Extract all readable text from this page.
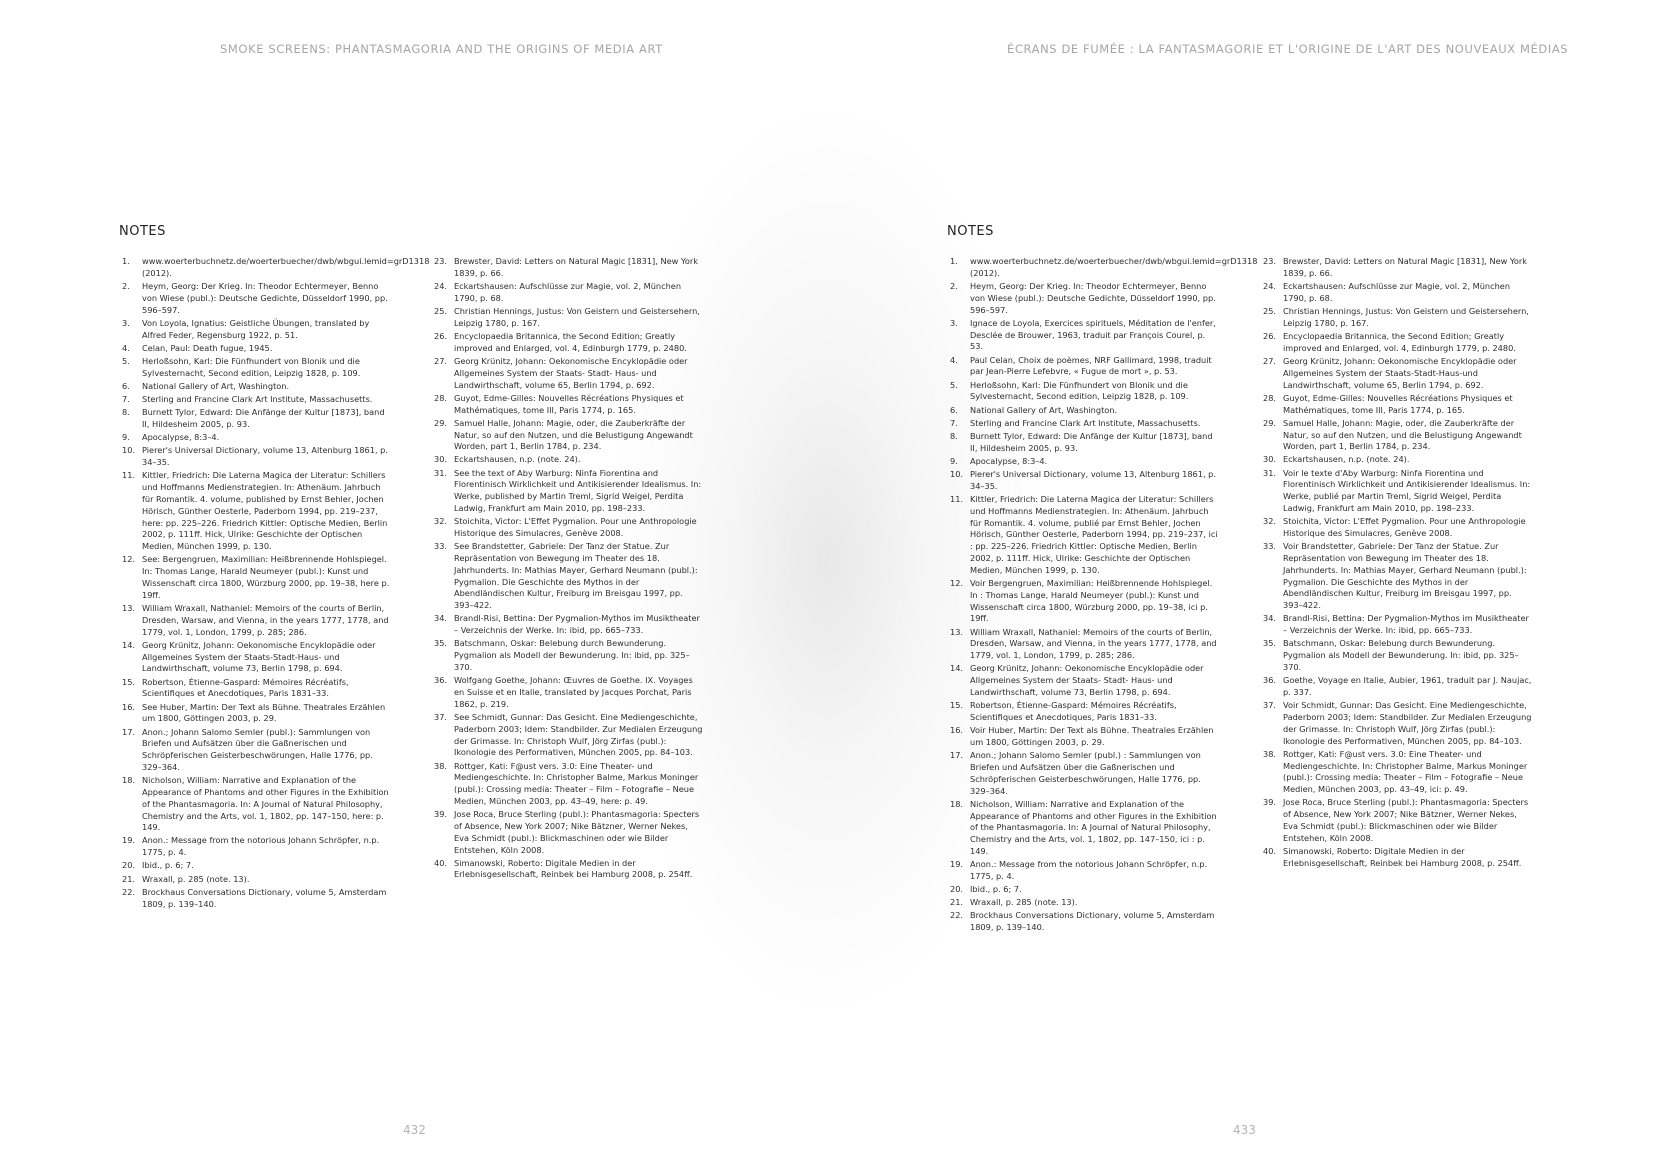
SMOKE SCREENS: PHANTASMAGORIA AND THE ORIGINS OF MEDIA ART
NOTES
1.	www.woerterbuchnetz.de/woerterbuecher/dwb/wbgui.lemid=grD1318 (2012).
2.	Heym, Georg: Der Krieg. In: Theodor Echtermeyer, Benno von Wiese (publ.): Deutsche Gedichte, Düsseldorf 1990, pp. 596–597.
3.	Von Loyola, Ignatius: Geistliche Übungen, translated by Alfred Feder, Regensburg 1922, p. 51.
4.	Celan, Paul: Death fugue, 1945.
5.	Herloßsohn, Karl: Die Fünfhundert von Blonik und die Sylvesternacht, Second edition, Leipzig 1828, p. 109.
6.	National Gallery of Art, Washington.
7.	Sterling and Francine Clark Art Institute, Massachusetts.
8.	Burnett Tylor, Edward: Die Anfänge der Kultur [1873], band II, Hildesheim 2005, p. 93.
9.	Apocalypse, 8:3–4.
10. Pierer's Universal Dictionary, volume 13, Altenburg 1861, p. 34–35.
11. Kittler, Friedrich: Die Laterna Magica der Literatur: Schillers und Hoffmanns Medienstrategien. In: Athenäum. Jahrbuch für Romantik. 4. volume, published by Ernst Behler, Jochen Hörisch, Günther Oesterle, Paderborn 1994, pp. 219–237, here: pp. 225–226. Friedrich Kittler: Optische Medien, Berlin 2002, p. 111ff. Hick, Ulrike: Geschichte der Optischen Medien, München 1999, p. 130.
12. See: Bergengruen, Maximilian: Heißbrennende Hohlspiegel. In: Thomas Lange, Harald Neumeyer (publ.): Kunst und Wissenschaft circa 1800, Würzburg 2000, pp. 19–38, here p. 19ff.
13. William Wraxall, Nathaniel: Memoirs of the courts of Berlin, Dresden, Warsaw, and Vienna, in the years 1777, 1778, and 1779, vol. 1, London, 1799, p. 285; 286.
14. Georg Krünitz, Johann: Oekonomische Encyklopädie oder Allgemeines System der Staats-Stadt-Haus- und Landwirthschaft, volume 73, Berlin 1798, p. 694.
15. Robertson, Étienne-Gaspard: Mémoires Récréatifs, Scientifiques et Anecdotiques, Paris 1831–33.
16. See Huber, Martin: Der Text als Bühne. Theatrales Erzählen um 1800, Göttingen 2003, p. 29.
17. Anon.; Johann Salomo Semler (publ.): Sammlungen von Briefen und Aufsätzen über die Gaßnerischen und Schröpferischen Geisterbeschwörungen, Halle 1776, pp. 329–364.
18. Nicholson, William: Narrative and Explanation of the Appearance of Phantoms and other Figures in the Exhibition of the Phantasmagoria. In: A Journal of Natural Philosophy, Chemistry and the Arts, vol. 1, 1802, pp. 147–150, here: p. 149.
19. Anon.: Message from the notorious Johann Schröpfer, n.p. 1775, p. 4.
20. Ibid., p. 6; 7.
21. Wraxall, p. 285 (note. 13).
22. Brockhaus Conversations Dictionary, volume 5, Amsterdam 1809, p. 139–140.
23. Brewster, David: Letters on Natural Magic [1831], New York 1839, p. 66.
24. Eckartshausen: Aufschlüsse zur Magie, vol. 2, München 1790, p. 68.
25. Christian Hennings, Justus: Von Geistern und Geistersehern, Leipzig 1780, p. 167.
26. Encyclopaedia Britannica, the Second Edition; Greatly improved and Enlarged, vol. 4, Edinburgh 1779, p. 2480.
27. Georg Krünitz, Johann: Oekonomische Encyklopädie oder Allgemeines System der Staats- Stadt- Haus- und Landwirthschaft, volume 65, Berlin 1794, p. 692.
28. Guyot, Edme-Gilles: Nouvelles Récréations Physiques et Mathématiques, tome III, Paris 1774, p. 165.
29. Samuel Halle, Johann: Magie, oder, die Zauberkräfte der Natur, so auf den Nutzen, und die Belustigung Angewandt Worden, part 1, Berlin 1784, p. 234.
30. Eckartshausen, n.p. (note. 24).
31. See the text of Aby Warburg: Ninfa Fiorentina and Florentinisch Wirklichkeit und Antikisierender Idealismus. In: Werke, published by Martin Treml, Sigrid Weigel, Perdita Ladwig, Frankfurt am Main 2010, pp. 198–233.
32. Stoichita, Victor: L'Effet Pygmalion. Pour une Anthropologie Historique des Simulacres, Genève 2008.
33. See Brandstetter, Gabriele: Der Tanz der Statue. Zur Repräsentation von Bewegung im Theater des 18. Jahrhunderts. In: Mathias Mayer, Gerhard Neumann (publ.): Pygmalion. Die Geschichte des Mythos in der Abendländischen Kultur, Freiburg im Breisgau 1997, pp. 393–422.
34. Brandl-Risi, Bettina: Der Pygmalion-Mythos im Musiktheater – Verzeichnis der Werke. In: ibid, pp. 665–733.
35. Batschmann, Oskar: Belebung durch Bewunderung. Pygmalion als Modell der Bewunderung. In: ibid, pp. 325–370.
36. Wolfgang Goethe, Johann: Œuvres de Goethe. IX. Voyages en Suisse et en Italie, translated by Jacques Porchat, Paris 1862, p. 219.
37. See Schmidt, Gunnar: Das Gesicht. Eine Mediengeschichte, Paderborn 2003; Idem: Standbilder. Zur Medialen Erzeugung der Grimasse. In: Christoph Wulf, Jörg Zirfas (publ.): Ikonologie des Performativen, München 2005, pp. 84–103.
38. Rottger, Kati: F@ust vers. 3.0: Eine Theater- und Mediengeschichte. In: Christopher Balme, Markus Moninger (publ.): Crossing media: Theater – Film – Fotografie – Neue Medien, München 2003, pp. 43–49, here: p. 49.
39. Jose Roca, Bruce Sterling (publ.): Phantasmagoria: Specters of Absence, New York 2007; Nike Bätzner, Werner Nekes, Eva Schmidt (publ.): Blickmaschinen oder wie Bilder Entstehen, Köln 2008.
40. Simanowski, Roberto: Digitale Medien in der Erlebnisgesellschaft, Reinbek bei Hamburg 2008, p. 254ff.
432
ÉCRANS DE FUMÉE : LA FANTASMAGORIE ET L'ORIGINE DE L'ART DES NOUVEAUX MÉDIAS
NOTES
1.	www.woerterbuchnetz.de/woerterbuecher/dwb/wbgui.lemid=grD1318 (2012).
2.	Heym, Georg: Der Krieg. In: Theodor Echtermeyer, Benno von Wiese (publ.): Deutsche Gedichte, Düsseldorf 1990, pp. 596–597.
3.	Ignace de Loyola, Exercices spirituels, Méditation de l'enfer, Desclée de Brouwer, 1963, traduit par François Courel, p. 53.
4.	Paul Celan, Choix de poèmes, NRF Gallimard, 1998, traduit par Jean-Pierre Lefebvre, « Fugue de mort », p. 53.
5.	Herloßsohn, Karl: Die Fünfhundert von Blonik und die Sylvesternacht, Second edition, Leipzig 1828, p. 109.
6.	National Gallery of Art, Washington.
7.	Sterling and Francine Clark Art Institute, Massachusetts.
8.	Burnett Tylor, Edward: Die Anfänge der Kultur [1873], band II, Hildesheim 2005, p. 93.
9.	Apocalypse, 8:3–4.
10. Pierer's Universal Dictionary, volume 13, Altenburg 1861, p. 34–35.
11. Kittler, Friedrich: Die Laterna Magica der Literatur: Schillers und Hoffmanns Medienstrategien. In: Athenäum. Jahrbuch für Romantik. 4. volume, publié par Ernst Behler, Jochen Hörisch, Günther Oesterle, Paderborn 1994, pp. 219–237, ici : pp. 225–226. Friedrich Kittler: Optische Medien, Berlin 2002, p. 111ff. Hick, Ulrike: Geschichte der Optischen Medien, München 1999, p. 130.
12. Voir Bergengruen, Maximilian: Heißbrennende Hohlspiegel. In : Thomas Lange, Harald Neumeyer (publ.): Kunst und Wissenschaft circa 1800, Würzburg 2000, pp. 19–38, ici p. 19ff.
13. William Wraxall, Nathaniel: Memoirs of the courts of Berlin, Dresden, Warsaw, and Vienna, in the years 1777, 1778, and 1779, vol. 1, London, 1799, p. 285; 286.
14. Georg Krünitz, Johann: Oekonomische Encyklopädie oder Allgemeines System der Staats- Stadt- Haus- und Landwirthschaft, volume 73, Berlin 1798, p. 694.
15. Robertson, Étienne-Gaspard: Mémoires Récréatifs, Scientifiques et Anecdotiques, Paris 1831–33.
16. Voir Huber, Martin: Der Text als Bühne. Theatrales Erzählen um 1800, Göttingen 2003, p. 29.
17. Anon.; Johann Salomo Semler (publ.) : Sammlungen von Briefen und Aufsätzen über die Gaßnerischen und Schröpferischen Geisterbeschwörungen, Halle 1776, pp. 329–364.
18. Nicholson, William: Narrative and Explanation of the Appearance of Phantoms and other Figures in the Exhibition of the Phantasmagoria. In: A Journal of Natural Philosophy, Chemistry and the Arts, vol. 1, 1802, pp. 147–150, ici : p. 149.
19. Anon.: Message from the notorious Johann Schröpfer, n.p. 1775, p. 4.
20. Ibid., p. 6; 7.
21. Wraxall, p. 285 (note. 13).
22. Brockhaus Conversations Dictionary, volume 5, Amsterdam 1809, p. 139–140.
23. Brewster, David: Letters on Natural Magic [1831], New York 1839, p. 66.
24. Eckartshausen: Aufschlüsse zur Magie, vol. 2, München 1790, p. 68.
25. Christian Hennings, Justus: Von Geistern und Geistersehern, Leipzig 1780, p. 167.
26. Encyclopaedia Britannica, the Second Edition; Greatly improved and Enlarged, vol. 4, Edinburgh 1779, p. 2480.
27. Georg Krünitz, Johann: Oekonomische Encyklopädie oder Allgemeines System der Staats-Stadt-Haus-und Landwirthschaft, volume 65, Berlin 1794, p. 692.
28. Guyot, Edme-Gilles: Nouvelles Récréations Physiques et Mathématiques, tome III, Paris 1774, p. 165.
29. Samuel Halle, Johann: Magie, oder, die Zauberkräfte der Natur, so auf den Nutzen, und die Belustigung Angewandt Worden, part 1, Berlin 1784, p. 234.
30. Eckartshausen, n.p. (note. 24).
31. Voir le texte d'Aby Warburg: Ninfa Fiorentina und Florentinisch Wirklichkeit und Antikisierender Idealismus. In: Werke, publié par Martin Treml, Sigrid Weigel, Perdita Ladwig, Frankfurt am Main 2010, pp. 198–233.
32. Stoichita, Victor: L'Effet Pygmalion. Pour une Anthropologie Historique des Simulacres, Genève 2008.
33. Voir Brandstetter, Gabriele: Der Tanz der Statue. Zur Repräsentation von Bewegung im Theater des 18. Jahrhunderts. In: Mathias Mayer, Gerhard Neumann (publ.): Pygmalion. Die Geschichte des Mythos in der Abendländischen Kultur, Freiburg im Breisgau 1997, pp. 393–422.
34. Brandl-Risi, Bettina: Der Pygmalion-Mythos im Musiktheater – Verzeichnis der Werke. In: ibid, pp. 665–733.
35. Batschmann, Oskar: Belebung durch Bewunderung. Pygmalion als Modell der Bewunderung. In: ibid, pp. 325–370.
36. Goethe, Voyage en Italie, Aubier, 1961, traduit par J. Naujac, p. 337.
37. Voir Schmidt, Gunnar: Das Gesicht. Eine Mediengeschichte, Paderborn 2003; Idem: Standbilder. Zur Medialen Erzeugung der Grimasse. In: Christoph Wulf, Jörg Zirfas (publ.): Ikonologie des Performativen, München 2005, pp. 84–103.
38. Rottger, Kati: F@ust vers. 3.0: Eine Theater- und Mediengeschichte. In: Christopher Balme, Markus Moninger (publ.): Crossing media: Theater – Film – Fotografie – Neue Medien, München 2003, pp. 43–49, ici: p. 49.
39. Jose Roca, Bruce Sterling (publ.): Phantasmagoria: Specters of Absence, New York 2007; Nike Bätzner, Werner Nekes, Eva Schmidt (publ.): Blickmaschinen oder wie Bilder Entstehen, Köln 2008.
40. Simanowski, Roberto: Digitale Medien in der Erlebnisgesellschaft, Reinbek bei Hamburg 2008, p. 254ff.
433
